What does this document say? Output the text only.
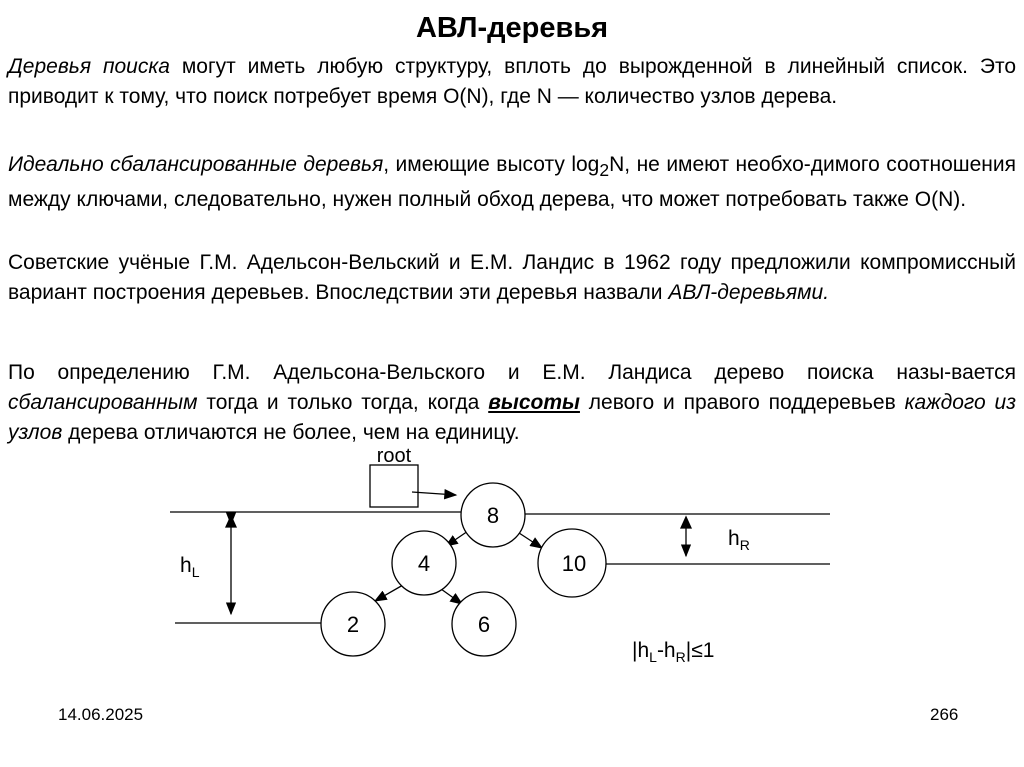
АВЛ-деревья
Деревья поиска могут иметь любую структуру, вплоть до вырожденной в линейный список. Это приводит к тому, что поиск потребует время O(N), где N — количество узлов дерева.
Идеально сбалансированные деревья, имеющие высоту $\log_2N$, не имеют необхо-димого соотношения между ключами, следовательно, нужен полный обход дерева, что может потребовать также O(N).
Советские учёные Г.М. Адельсон-Вельский и Е.М. Ландис в 1962 году предложили компромиссный вариант построения деревьев. Впоследствии эти деревья назвали АВЛ-деревьями.
По определению Г.М. Адельсона-Вельского и Е.М. Ландиса дерево поиска назы-вается сбалансированным тогда и только тогда, когда высоты левого и правого поддеревьев каждого из узлов дерева отличаются не более, чем на единицу.
root
8
4	10
2	6
$h_L$
$h_R$
$|h_L-h_R|\le 1$
14.06.2025	266
